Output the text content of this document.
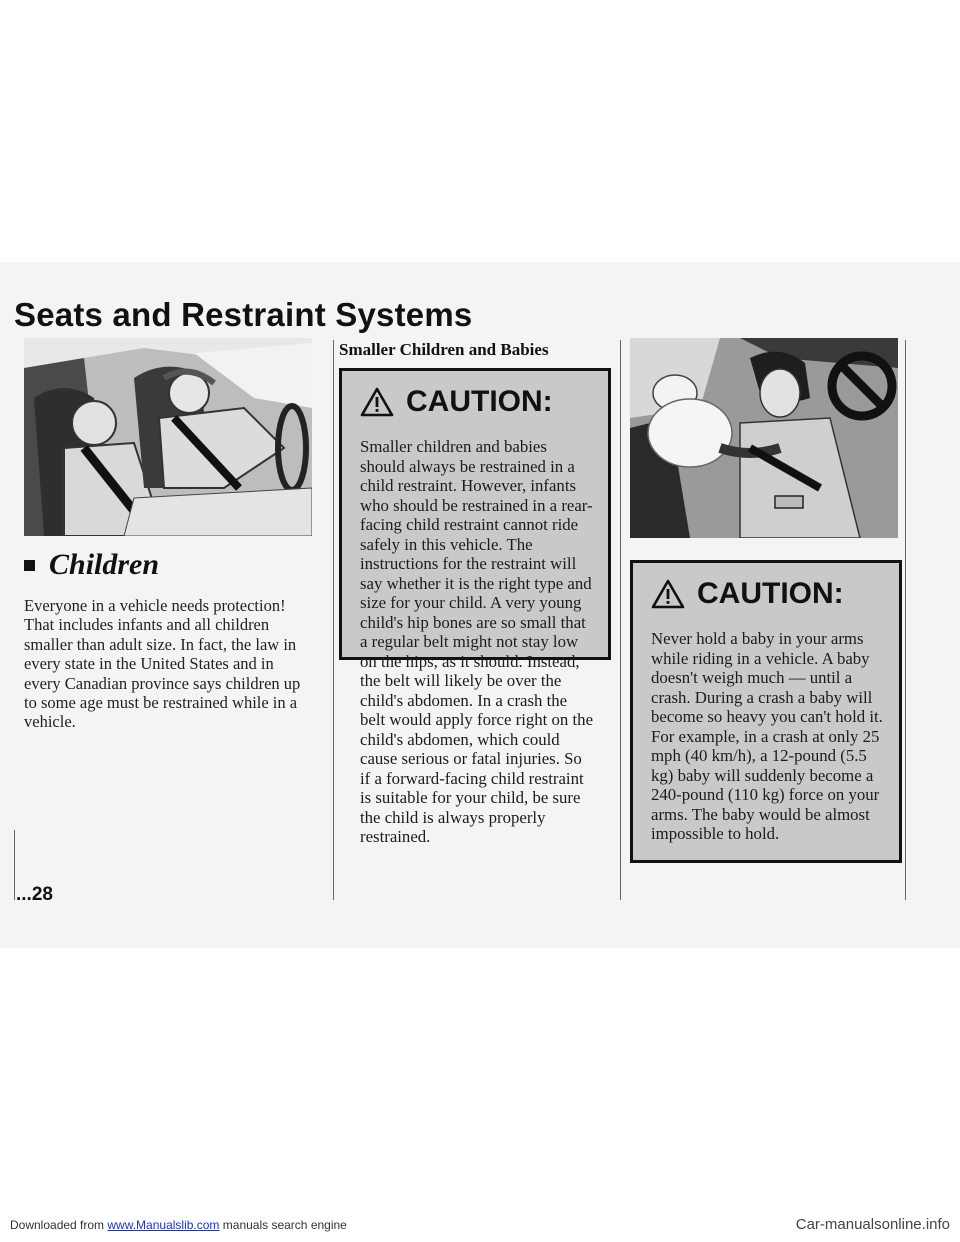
Seats and Restraint Systems
Children

Everyone in a vehicle needs protection! That includes infants and all children smaller than adult size. In fact, the law in every state in the United States and in every Canadian province says children up to some age must be restrained while in a vehicle.

Smaller Children and Babies
CAUTION:

Smaller children and babies should always be restrained in a child restraint. However, infants who should be restrained in a rear-facing child restraint cannot ride safely in this vehicle. The instructions for the restraint will say whether it is the right type and size for your child. A very young child's hip bones are so small that a regular belt might not stay low on the hips, as it should. Instead, the belt will likely be over the child's abdomen. In a crash the belt would apply force right on the child's abdomen, which could cause serious or fatal injuries. So if a forward-facing child restraint is suitable for your child, be sure the child is always properly restrained.

CAUTION:

Never hold a baby in your arms while riding in a vehicle. A baby doesn't weigh much — until a crash. During a crash a baby will become so heavy you can't hold it. For example, in a crash at only 25 mph (40 km/h), a 12-pound (5.5 kg) baby will suddenly become a 240-pound (110 kg) force on your arms. The baby would be almost impossible to hold.

...28

Downloaded from www.Manualslib.com manuals search engine	Car-manualsonline.info
